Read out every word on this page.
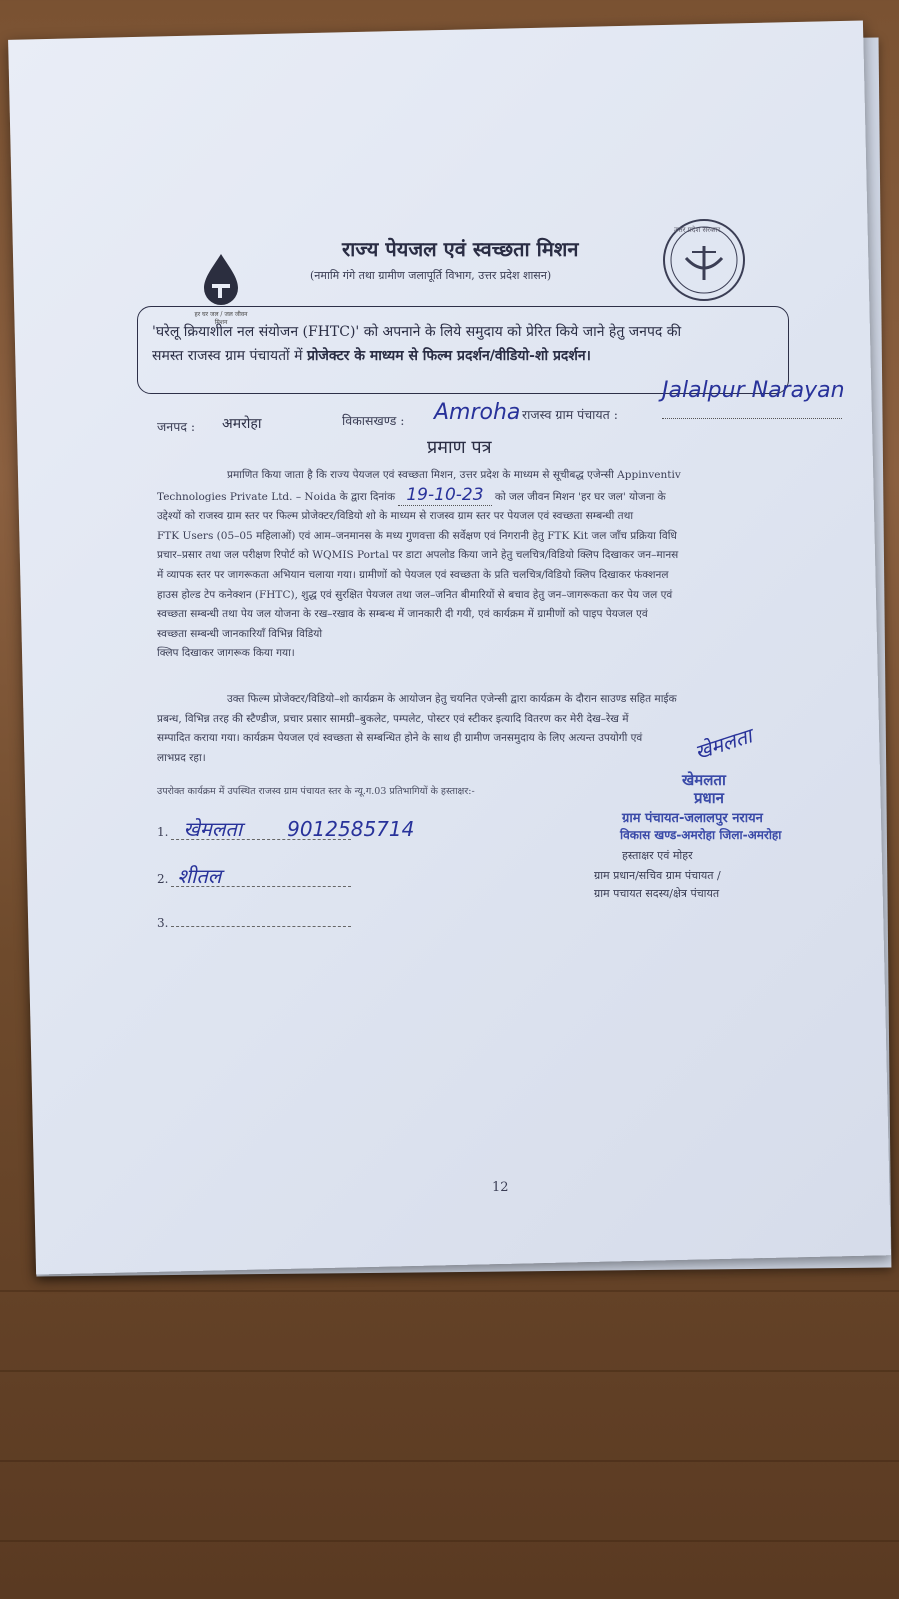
हर घर जल / जल जीवन मिशन
राज्य पेयजल एवं स्वच्छता मिशन
(नमामि गंगे तथा ग्रामीण जलापूर्ति विभाग, उत्तर प्रदेश शासन)
उत्तर प्रदेश सरकार
'घरेलू क्रियाशील नल संयोजन (FHTC)' को अपनाने के लिये समुदाय को प्रेरित किये जाने हेतु जनपद की
समस्त राजस्व ग्राम पंचायतों में प्रोजेक्टर के माध्यम से फिल्म प्रदर्शन/वीडियो-शो प्रदर्शन।
जनपद : अमरोहा	विकासखण्ड : Amroha राजस्व ग्राम पंचायत :
Jalalpur Narayan
प्रमाण पत्र
प्रमाणित किया जाता है कि राज्य पेयजल एवं स्वच्छता मिशन, उत्तर प्रदेश के माध्यम से सूचीबद्ध एजेन्सी Appinventiv
Technologies Private Ltd. – Noida के द्वारा दिनांक 19-10-23 को जल जीवन मिशन 'हर घर जल' योजना के
उद्देश्यों को राजस्व ग्राम स्तर पर फिल्म प्रोजेक्टर/विडियो शो के माध्यम से राजस्व ग्राम स्तर पर पेयजल एवं स्वच्छता सम्बन्धी तथा
FTK Users (05–05 महिलाओं) एवं आम–जनमानस के मध्य गुणवत्ता की सर्वेक्षण एवं निगरानी हेतु FTK Kit जल जाँच प्रक्रिया विधि
प्रचार–प्रसार तथा जल परीक्षण रिपोर्ट को WQMIS Portal पर डाटा अपलोड किया जाने हेतु चलचित्र/विडियो क्लिप दिखाकर जन–मानस
में व्यापक स्तर पर जागरूकता अभियान चलाया गया। ग्रामीणों को पेयजल एवं स्वच्छता के प्रति चलचित्र/विडियो क्लिप दिखाकर फंक्शनल
हाउस होल्ड टेप कनेक्शन (FHTC), शुद्ध एवं सुरक्षित पेयजल तथा जल–जनित बीमारियों से बचाव हेतु जन–जागरूकता कर पेय जल एवं
स्वच्छता सम्बन्धी तथा पेय जल योजना के रख–रखाव के सम्बन्ध में जानकारी दी गयी, एवं कार्यक्रम में ग्रामीणों को पाइप पेयजल एवं
स्वच्छता सम्बन्धी जानकारियाँ विभिन्न विडियो
क्लिप दिखाकर जागरूक किया गया।
उक्त फिल्म प्रोजेक्टर/विडियो–शो कार्यक्रम के आयोजन हेतु चयनित एजेन्सी द्वारा कार्यक्रम के दौरान साउण्ड सहित माईक
प्रबन्ध, विभिन्न तरह की स्टैण्डीज, प्रचार प्रसार सामग्री–बुकलेट, पम्पलेट, पोस्टर एवं स्टीकर इत्यादि वितरण कर मेरी देख–रेख में
सम्पादित कराया गया। कार्यक्रम पेयजल एवं स्वच्छता से सम्बन्धित होने के साथ ही ग्रामीण जनसमुदाय के लिए अत्यन्त उपयोगी एवं
लाभप्रद रहा।
उपरोक्त कार्यक्रम में उपस्थित राजस्व ग्राम पंचायत स्तर के न्यू.ग.03 प्रतिभागियों के हस्ताक्षर:-
1. खेमलता 9012585714
2. शीतल
3.
खेमलता
खेमलता
प्रधान
ग्राम पंचायत-जलालपुर नरायन
विकास खण्ड-अमरोहा जिला-अमरोहा
हस्ताक्षर एवं मोहर
ग्राम प्रधान/सचिव ग्राम पंचायत /
ग्राम पचायत सदस्य/क्षेत्र पंचायत
12
